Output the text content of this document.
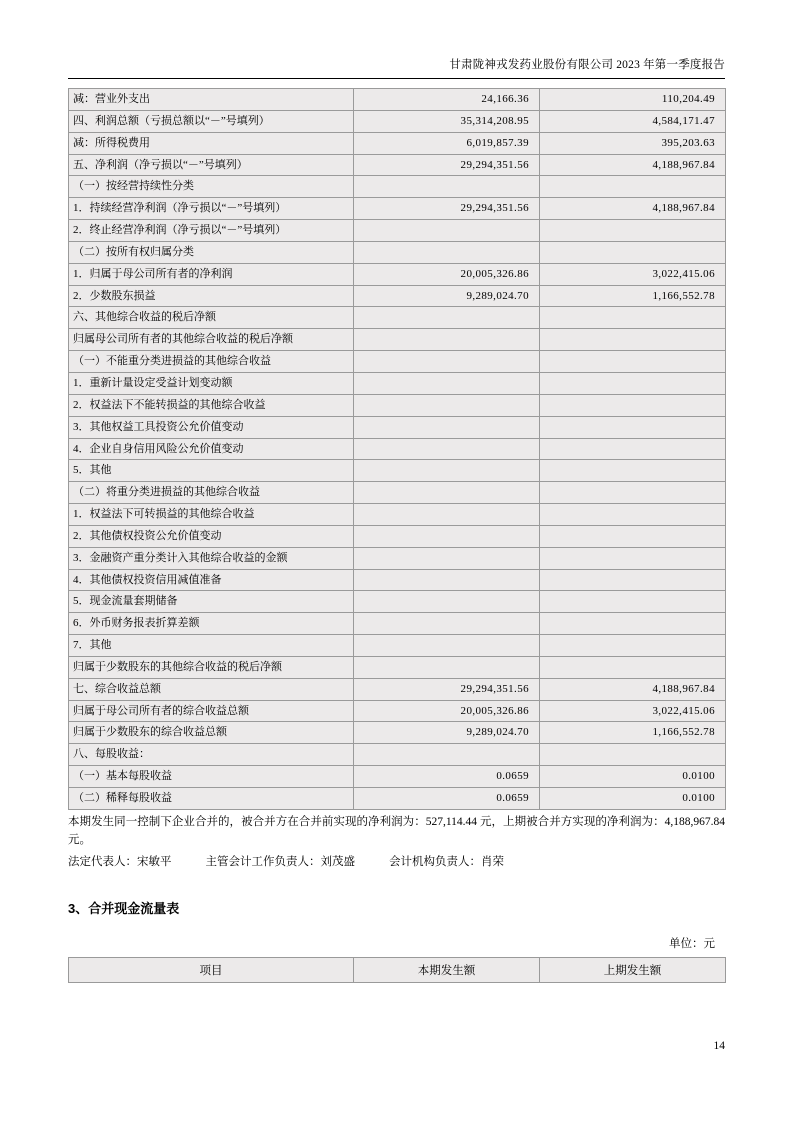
甘肃陇神戎发药业股份有限公司 2023 年第一季度报告
减：营业外支出	24,166.36	110,204.49
四、利润总额（亏损总额以“－”号填列）	35,314,208.95	4,584,171.47
减：所得税费用	6,019,857.39	395,203.63
五、净利润（净亏损以“－”号填列）	29,294,351.56	4,188,967.84
（一）按经营持续性分类		
1．持续经营净利润（净亏损以“－”号填列）	29,294,351.56	4,188,967.84
2．终止经营净利润（净亏损以“－”号填列）		
（二）按所有权归属分类		
1．归属于母公司所有者的净利润	20,005,326.86	3,022,415.06
2．少数股东损益	9,289,024.70	1,166,552.78
六、其他综合收益的税后净额		
归属母公司所有者的其他综合收益的税后净额		
（一）不能重分类进损益的其他综合收益		
1．重新计量设定受益计划变动额		
2．权益法下不能转损益的其他综合收益		
3．其他权益工具投资公允价值变动		
4．企业自身信用风险公允价值变动		
5．其他		
（二）将重分类进损益的其他综合收益		
1．权益法下可转损益的其他综合收益		
2．其他债权投资公允价值变动		
3．金融资产重分类计入其他综合收益的金额		
4．其他债权投资信用减值准备		
5．现金流量套期储备		
6．外币财务报表折算差额		
7．其他		
归属于少数股东的其他综合收益的税后净额		
七、综合收益总额	29,294,351.56	4,188,967.84
归属于母公司所有者的综合收益总额	20,005,326.86	3,022,415.06
归属于少数股东的综合收益总额	9,289,024.70	1,166,552.78
八、每股收益：		
（一）基本每股收益	0.0659	0.0100
（二）稀释每股收益	0.0659	0.0100
本期发生同一控制下企业合并的，被合并方在合并前实现的净利润为：527,114.44 元，上期被合并方实现的净利润为：4,188,967.84 元。
法定代表人：宋敏平	主管会计工作负责人：刘茂盛	会计机构负责人：肖荣
3、合并现金流量表
单位：元
项目	本期发生额	上期发生额
14
